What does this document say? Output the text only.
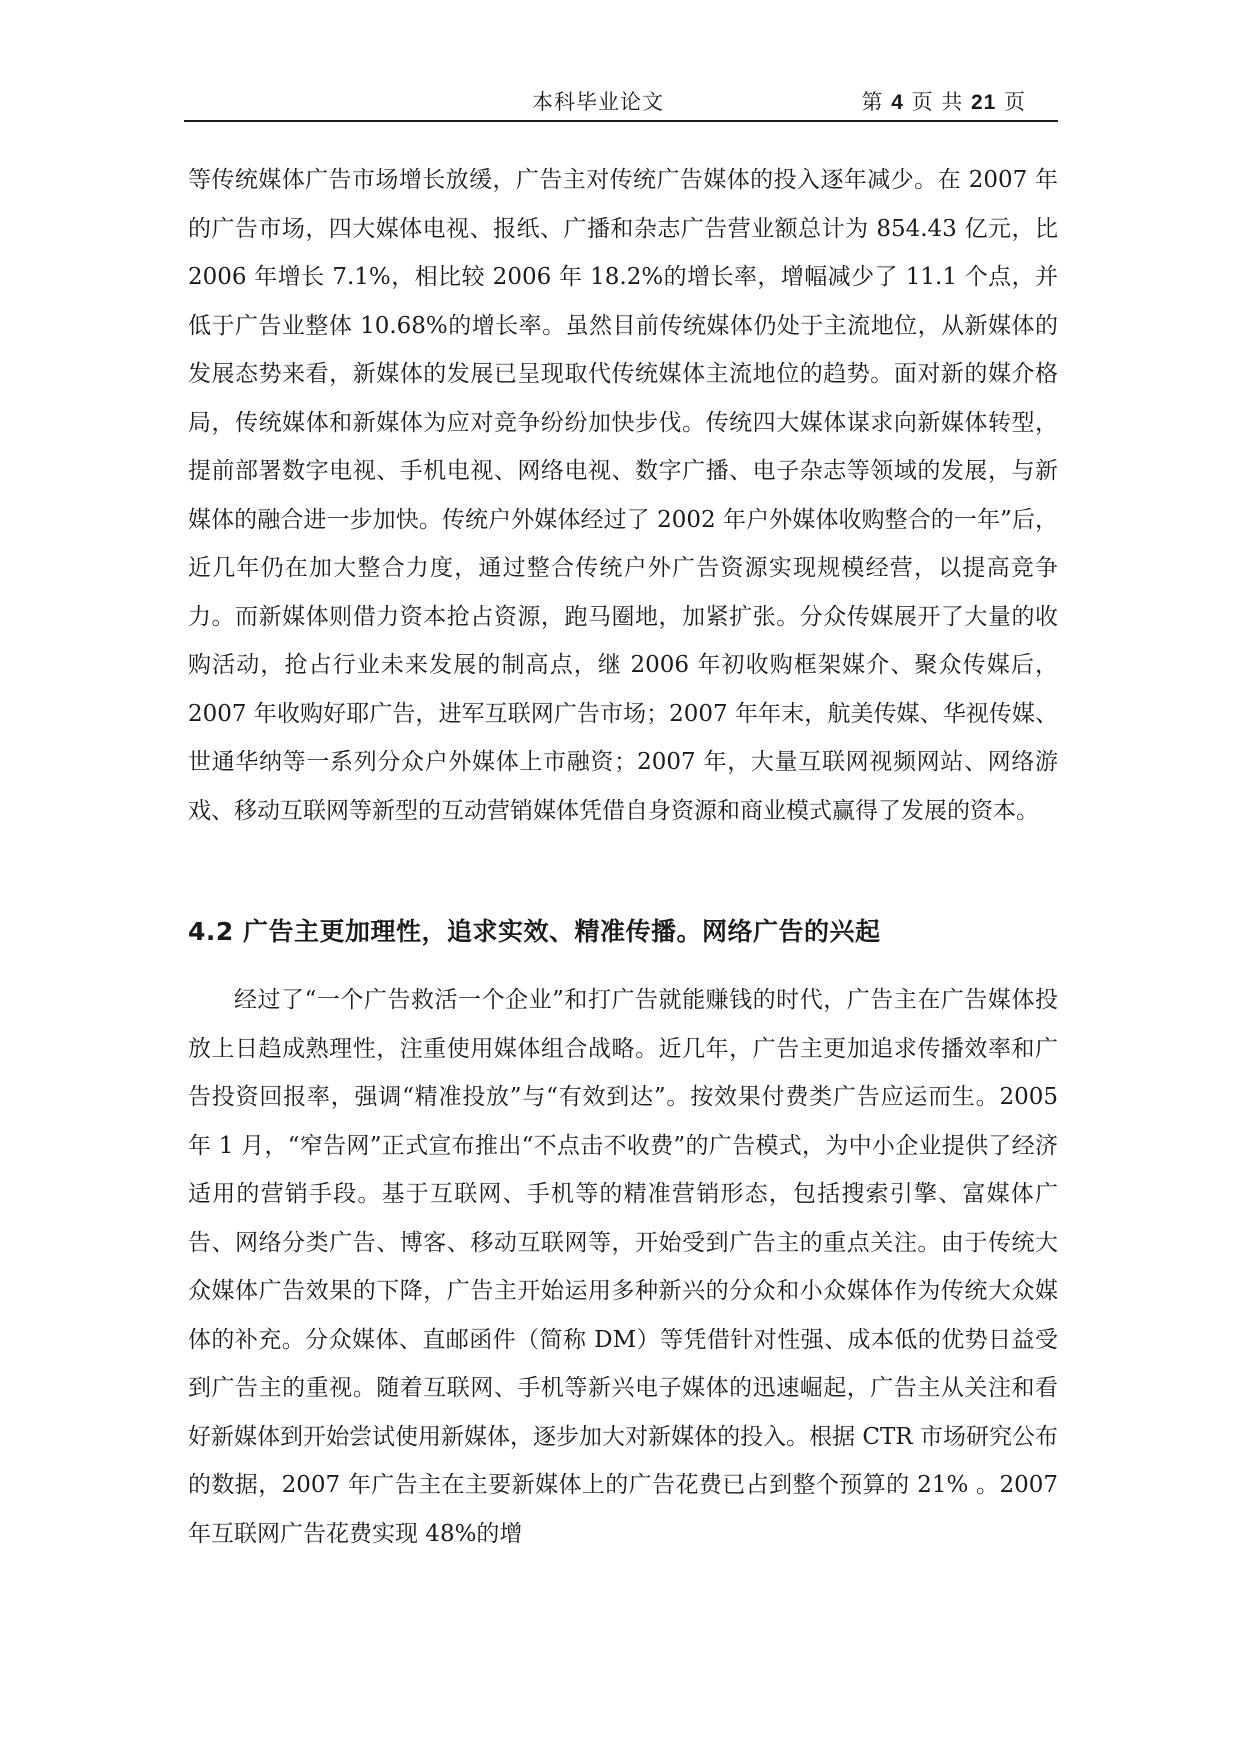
本科毕业论文	第 4 页 共 21 页

等传统媒体广告市场增长放缓，广告主对传统广告媒体的投入逐年减少。在 2007 年的广告市场，四大媒体电视、报纸、广播和杂志广告营业额总计为 854.43 亿元，比 2006 年增长 7.1%，相比较 2006 年 18.2%的增长率，增幅减少了 11.1 个点，并低于广告业整体 10.68%的增长率。虽然目前传统媒体仍处于主流地位，从新媒体的发展态势来看，新媒体的发展已呈现取代传统媒体主流地位的趋势。面对新的媒介格局，传统媒体和新媒体为应对竞争纷纷加快步伐。传统四大媒体谋求向新媒体转型，提前部署数字电视、手机电视、网络电视、数字广播、电子杂志等领域的发展，与新媒体的融合进一步加快。传统户外媒体经过了 2002 年户外媒体收购整合的一年”后，近几年仍在加大整合力度，通过整合传统户外广告资源实现规模经营，以提高竞争力。而新媒体则借力资本抢占资源，跑马圈地，加紧扩张。分众传媒展开了大量的收购活动，抢占行业未来发展的制高点，继 2006 年初收购框架媒介、聚众传媒后，2007 年收购好耶广告，进军互联网广告市场；2007 年年末，航美传媒、华视传媒、世通华纳等一系列分众户外媒体上市融资；2007 年，大量互联网视频网站、网络游戏、移动互联网等新型的互动营销媒体凭借自身资源和商业模式赢得了发展的资本。

4.2 广告主更加理性，追求实效、精准传播。网络广告的兴起

经过了“一个广告救活一个企业”和打广告就能赚钱的时代，广告主在广告媒体投放上日趋成熟理性，注重使用媒体组合战略。近几年，广告主更加追求传播效率和广告投资回报率，强调“精准投放”与“有效到达”。按效果付费类广告应运而生。2005 年 1 月，“窄告网”正式宣布推出“不点击不收费”的广告模式，为中小企业提供了经济适用的营销手段。基于互联网、手机等的精准营销形态，包括搜索引擎、富媒体广告、网络分类广告、博客、移动互联网等，开始受到广告主的重点关注。由于传统大众媒体广告效果的下降，广告主开始运用多种新兴的分众和小众媒体作为传统大众媒体的补充。分众媒体、直邮函件（简称 DM）等凭借针对性强、成本低的优势日益受到广告主的重视。随着互联网、手机等新兴电子媒体的迅速崛起，广告主从关注和看好新媒体到开始尝试使用新媒体，逐步加大对新媒体的投入。根据 CTR 市场研究公布的数据，2007 年广告主在主要新媒体上的广告花费已占到整个预算的 21% 。2007 年互联网广告花费实现 48%的增
